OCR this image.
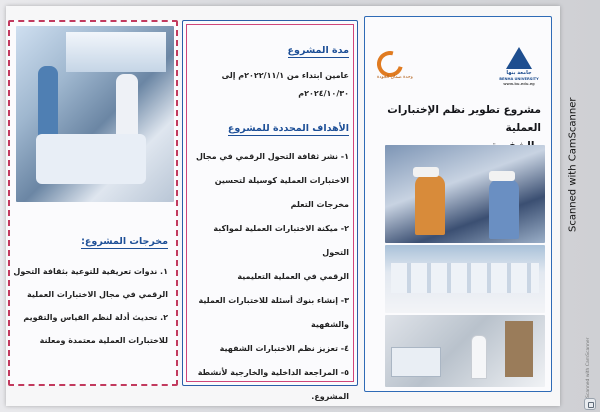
مخرجات المشروع:
١. ندوات تعريفية للتوعية بثقافة التحول
الرقمي في مجال الاختبارات العملية
٢. تحديث أدلة لنظم القياس والتقويم
للاختبارات العملية معتمدة ومعلنة
مدة المشروع
عامين ابتداء من ٢٠٢٢/١١/١م إلى
٢٠٢٤/١٠/٣٠م
الأهداف المحددة للمشروع
١- نشر ثقافة التحول الرقمي في مجال
الاختبارات العملية كوسيلة لتحسين
مخرجات التعلم
٢- ميكنة الاختبارات العملية لمواكبة التحول
الرقمي في العملية التعليمية
٣- إنشاء بنوك أسئلة للاختبارات العملية
والشفهية
٤- تعزيز نظم الاختبارات الشفهية
٥- المراجعة الداخلية والخارجية لأنشطة
المشروع.
جامعة بنها
BENHA UNIVERSITY
www.bu.edu.eg
وحدة ضمان الجودة
مشروع تطوير نظم الإختبارات العملية	Scanned with CamScanner
Scanned with CamScanner
